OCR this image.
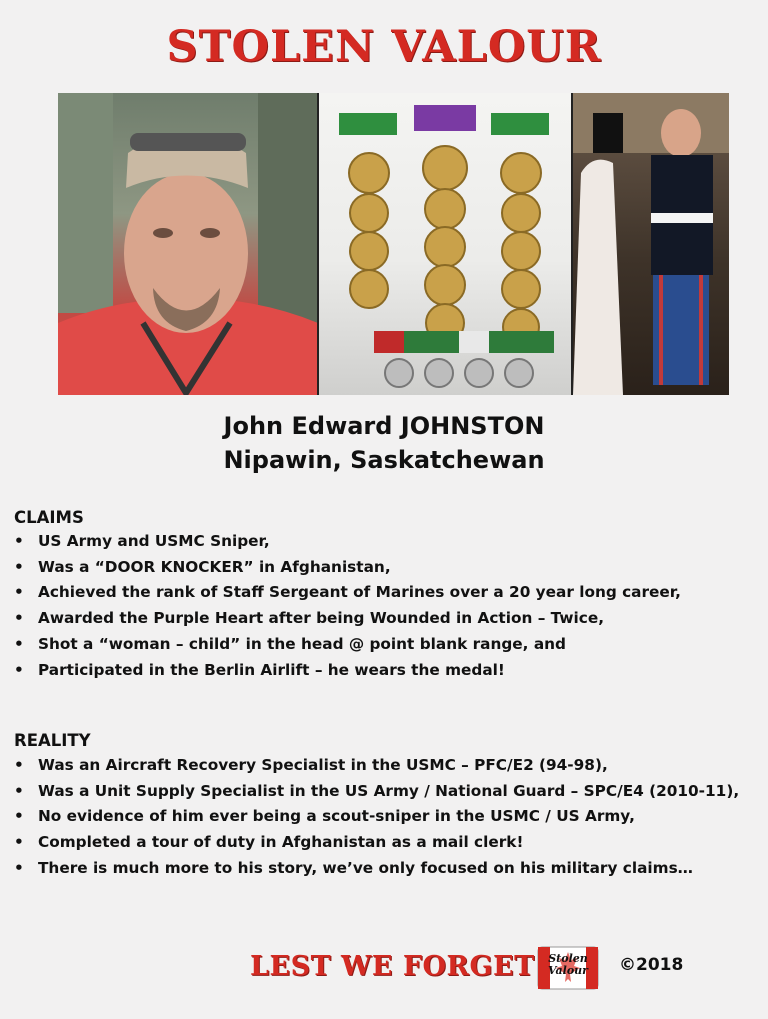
STOLEN VALOUR
John Edward JOHNSTON
Nipawin, Saskatchewan
CLAIMS
• US Army and USMC Sniper,
• Was a “DOOR KNOCKER” in Afghanistan,
• Achieved the rank of Staff Sergeant of Marines over a 20 year long career,
• Awarded the Purple Heart after being Wounded in Action – Twice,
• Shot a “woman – child” in the head @ point blank range, and
• Participated in the Berlin Airlift – he wears the medal!
REALITY
• Was an Aircraft Recovery Specialist in the USMC – PFC/E2 (94-98),
• Was a Unit Supply Specialist in the US Army / National Guard – SPC/E4 (2010-11),
• No evidence of him ever being a scout-sniper in the USMC / US Army,
• Completed a tour of duty in Afghanistan as a mail clerk!
• There is much more to his story, we’ve only focused on his military claims…
LEST WE FORGET	Stolen
Valour ©2018
